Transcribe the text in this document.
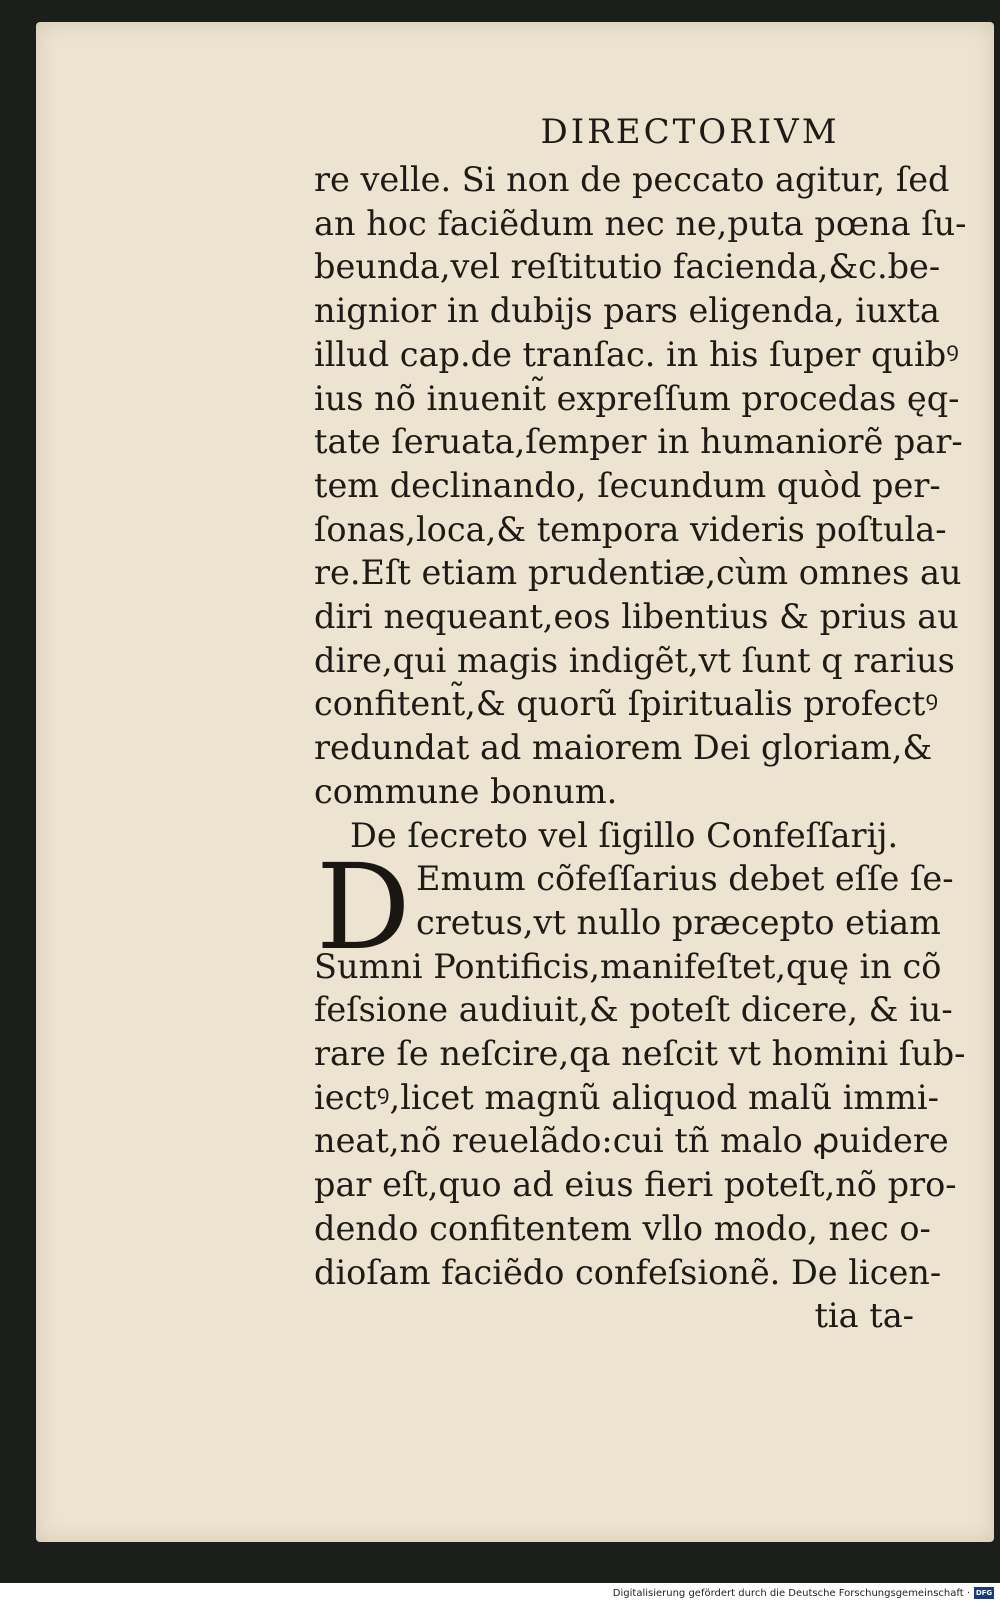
DIRECTORIVM
re velle. Si non de peccato agitur, ſed
an hoc faciẽdum nec ne,puta pœna ſu-
beunda,vel reſtitutio facienda,&c.be-
nignior in dubijs pars eligenda, iuxta
illud cap.de tranſac. in his ſuper quibꝰ
ius nõ inuenit̃ expreſſum procedas ęq-
tate ſeruata,ſemper in humaniorẽ par-
tem declinando, ſecundum quòd per-
ſonas,loca,& tempora videris poſtula-
re.Eſt etiam prudentiæ,cùm omnes au
diri nequeant,eos libentius & prius au
dire,qui magis indigẽt,vt ſunt q rarius
confitent̃,& quorũ ſpiritualis profectꝰ
redundat ad maiorem Dei gloriam,&
commune bonum.
De ſecreto vel ſigillo Confeſſarij.
D Emum cõfeſſarius debet eſſe ſe-
cretus,vt nullo præcepto etiam
Sumni Pontificis,manifeſtet,quę in cõ
feſsione audiuit,& poteſt dicere, & iu-
rare ſe neſcire,qa neſcit vt homini ſub-
iectꝰ,licet magnũ aliquod malũ immi-
neat,nõ reuelãdo:cui tñ malo ꝓuidere
par eſt,quo ad eius fieri poteſt,nõ pro-
dendo confitentem vllo modo, nec o-
dioſam faciẽdo confeſsionẽ. De licen-
tia ta-
Digitalisierung gefördert durch die Deutsche Forschungsgemeinschaft · DFG
